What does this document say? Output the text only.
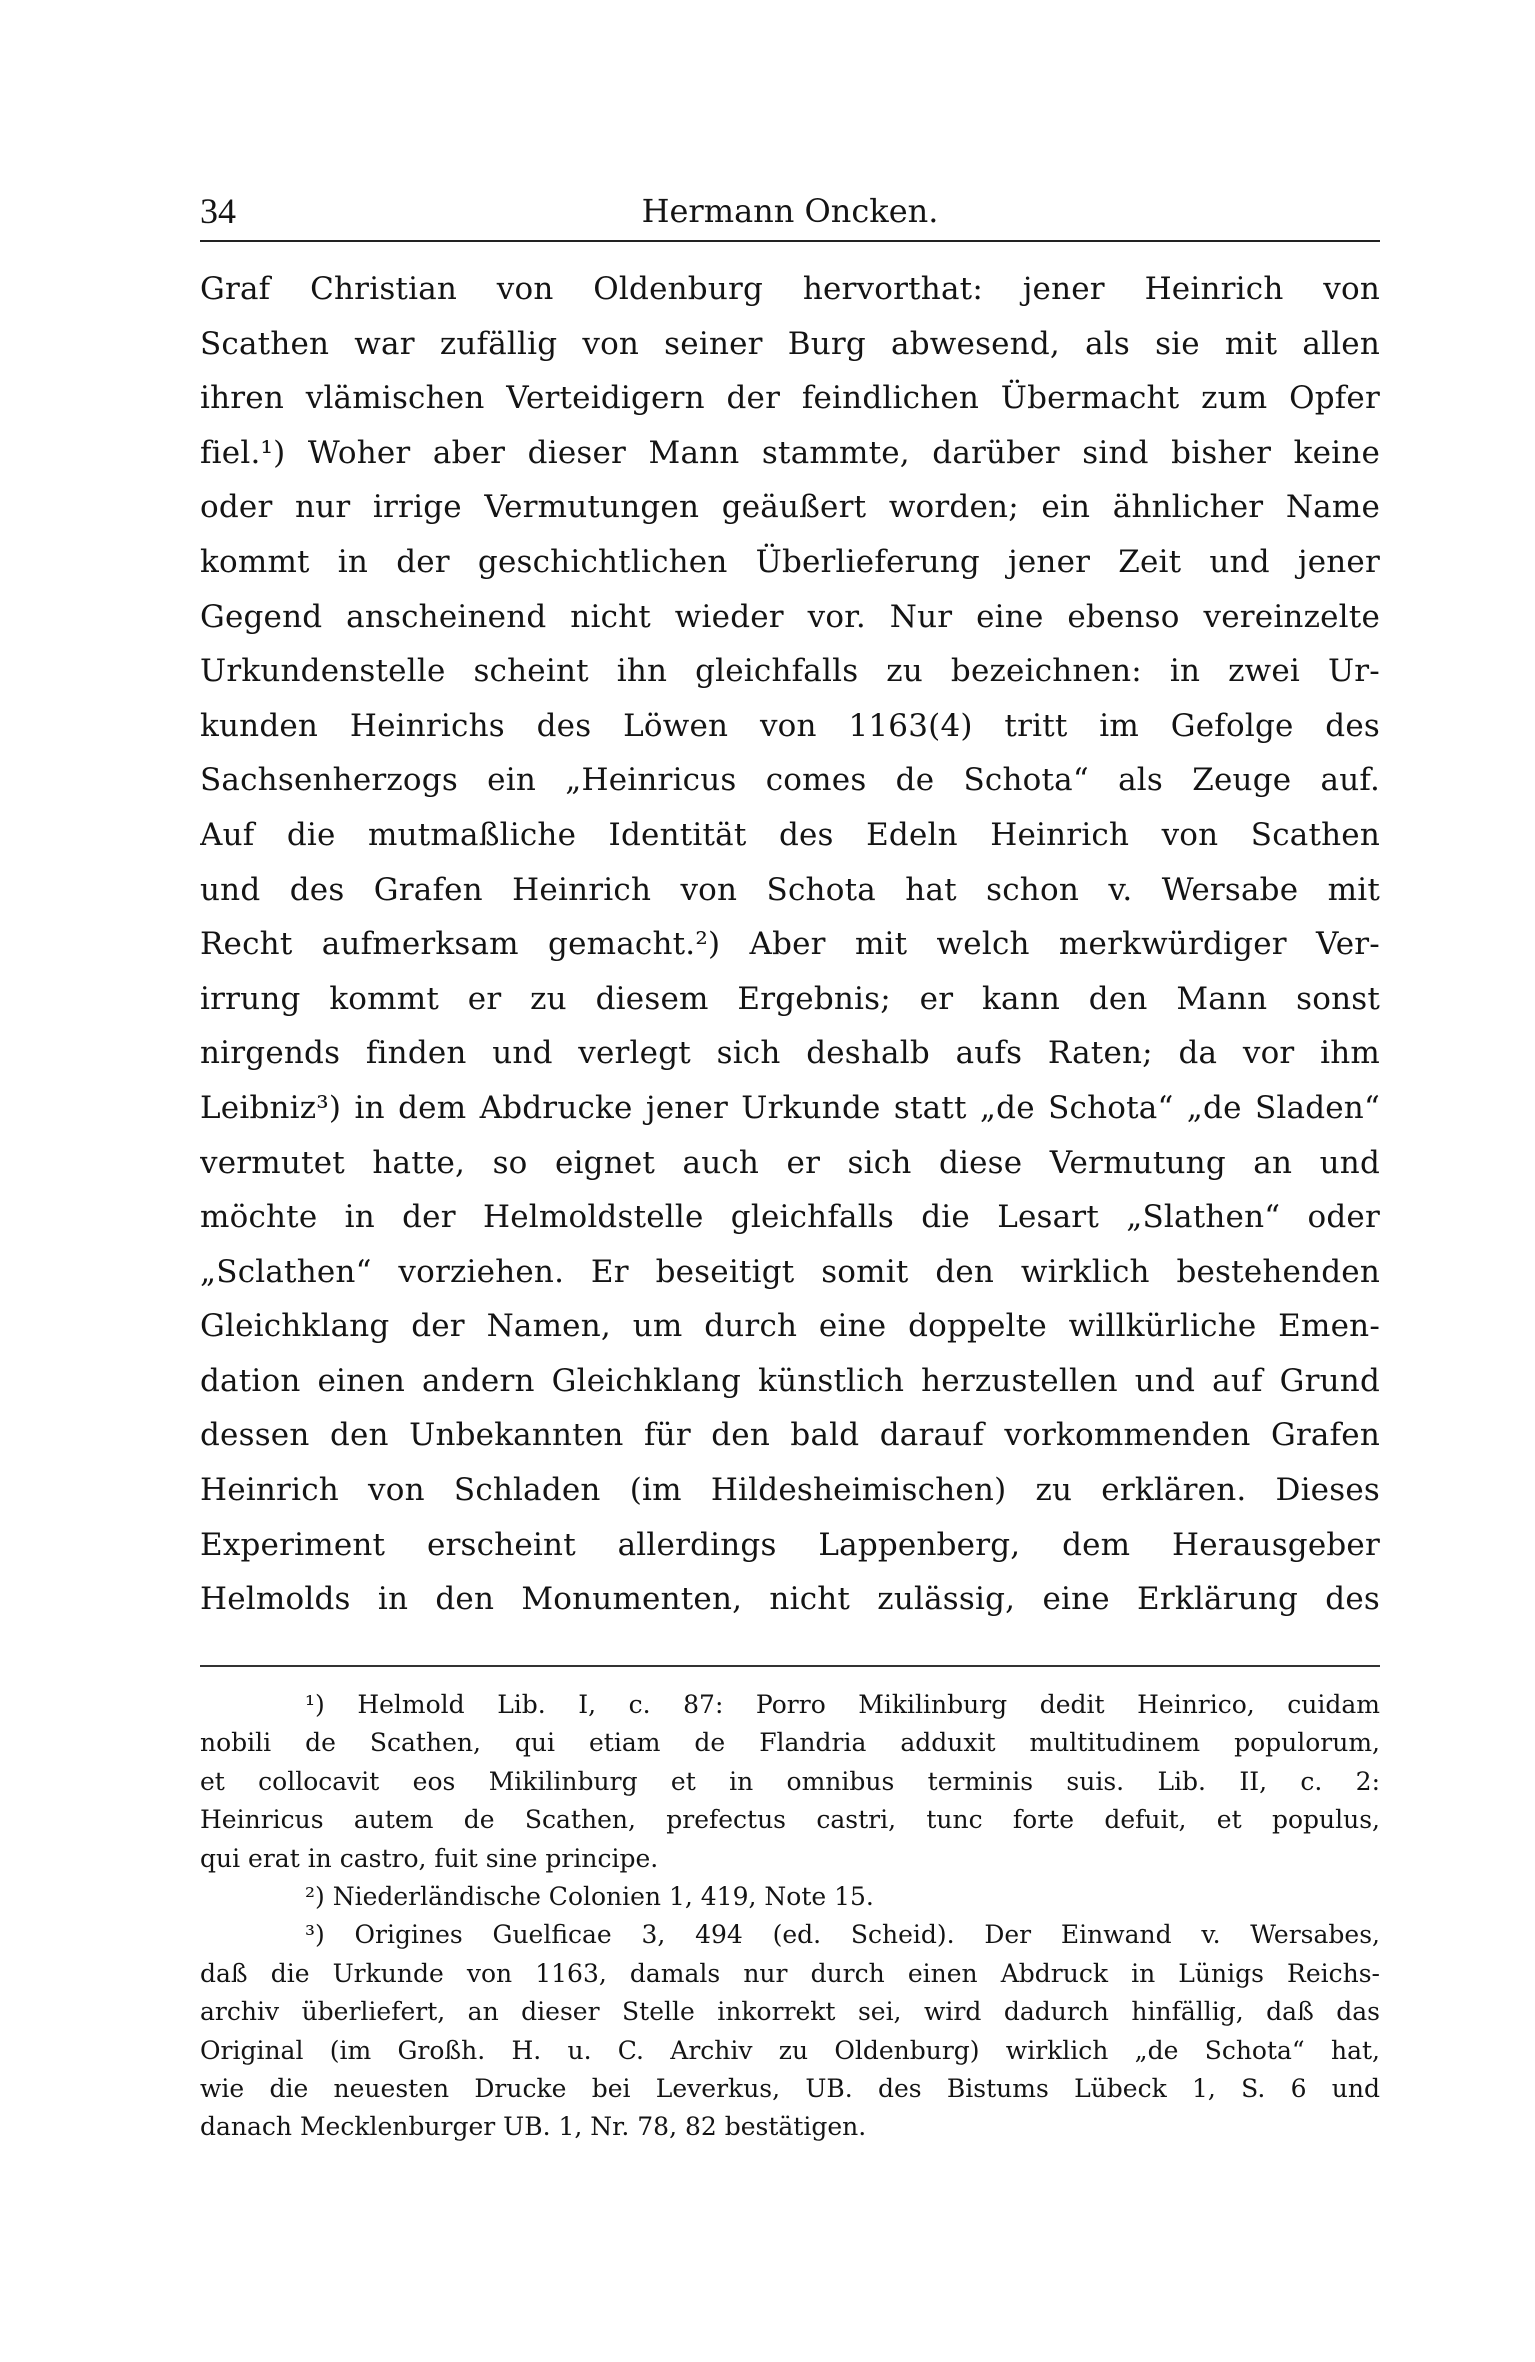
34	Hermann Oncken.
Graf Christian von Oldenburg hervorthat: jener Heinrich von
Scathen war zufällig von seiner Burg abwesend, als sie mit allen
ihren vlämischen Verteidigern der feindlichen Übermacht zum Opfer
fiel.¹) Woher aber dieser Mann stammte, darüber sind bisher keine
oder nur irrige Vermutungen geäußert worden; ein ähnlicher Name
kommt in der geschichtlichen Überlieferung jener Zeit und jener
Gegend anscheinend nicht wieder vor. Nur eine ebenso vereinzelte
Urkundenstelle scheint ihn gleichfalls zu bezeichnen: in zwei Ur-
kunden Heinrichs des Löwen von 1163(4) tritt im Gefolge des
Sachsenherzogs ein „Heinricus comes de Schota“ als Zeuge auf.
Auf die mutmaßliche Identität des Edeln Heinrich von Scathen
und des Grafen Heinrich von Schota hat schon v. Wersabe mit
Recht aufmerksam gemacht.²) Aber mit welch merkwürdiger Ver-
irrung kommt er zu diesem Ergebnis; er kann den Mann sonst
nirgends finden und verlegt sich deshalb aufs Raten; da vor ihm
Leibniz³) in dem Abdrucke jener Urkunde statt „de Schota“ „de Sladen“
vermutet hatte, so eignet auch er sich diese Vermutung an und
möchte in der Helmoldstelle gleichfalls die Lesart „Slathen“ oder
„Sclathen“ vorziehen. Er beseitigt somit den wirklich bestehenden
Gleichklang der Namen, um durch eine doppelte willkürliche Emen-
dation einen andern Gleichklang künstlich herzustellen und auf Grund
dessen den Unbekannten für den bald darauf vorkommenden Grafen
Heinrich von Schladen (im Hildesheimischen) zu erklären. Dieses
Experiment erscheint allerdings Lappenberg, dem Herausgeber
Helmolds in den Monumenten, nicht zulässig, eine Erklärung des
¹) Helmold Lib. I, c. 87: Porro Mikilinburg dedit Heinrico, cuidam
nobili de Scathen, qui etiam de Flandria adduxit multitudinem populorum,
et collocavit eos Mikilinburg et in omnibus terminis suis. Lib. II, c. 2:
Heinricus autem de Scathen, prefectus castri, tunc forte defuit, et populus,
qui erat in castro, fuit sine principe.
²) Niederländische Colonien 1, 419, Note 15.
³) Origines Guelficae 3, 494 (ed. Scheid). Der Einwand v. Wersabes,
daß die Urkunde von 1163, damals nur durch einen Abdruck in Lünigs Reichs-
archiv überliefert, an dieser Stelle inkorrekt sei, wird dadurch hinfällig, daß das
Original (im Großh. H. u. C. Archiv zu Oldenburg) wirklich „de Schota“ hat,
wie die neuesten Drucke bei Leverkus, UB. des Bistums Lübeck 1, S. 6 und
danach Mecklenburger UB. 1, Nr. 78, 82 bestätigen.
